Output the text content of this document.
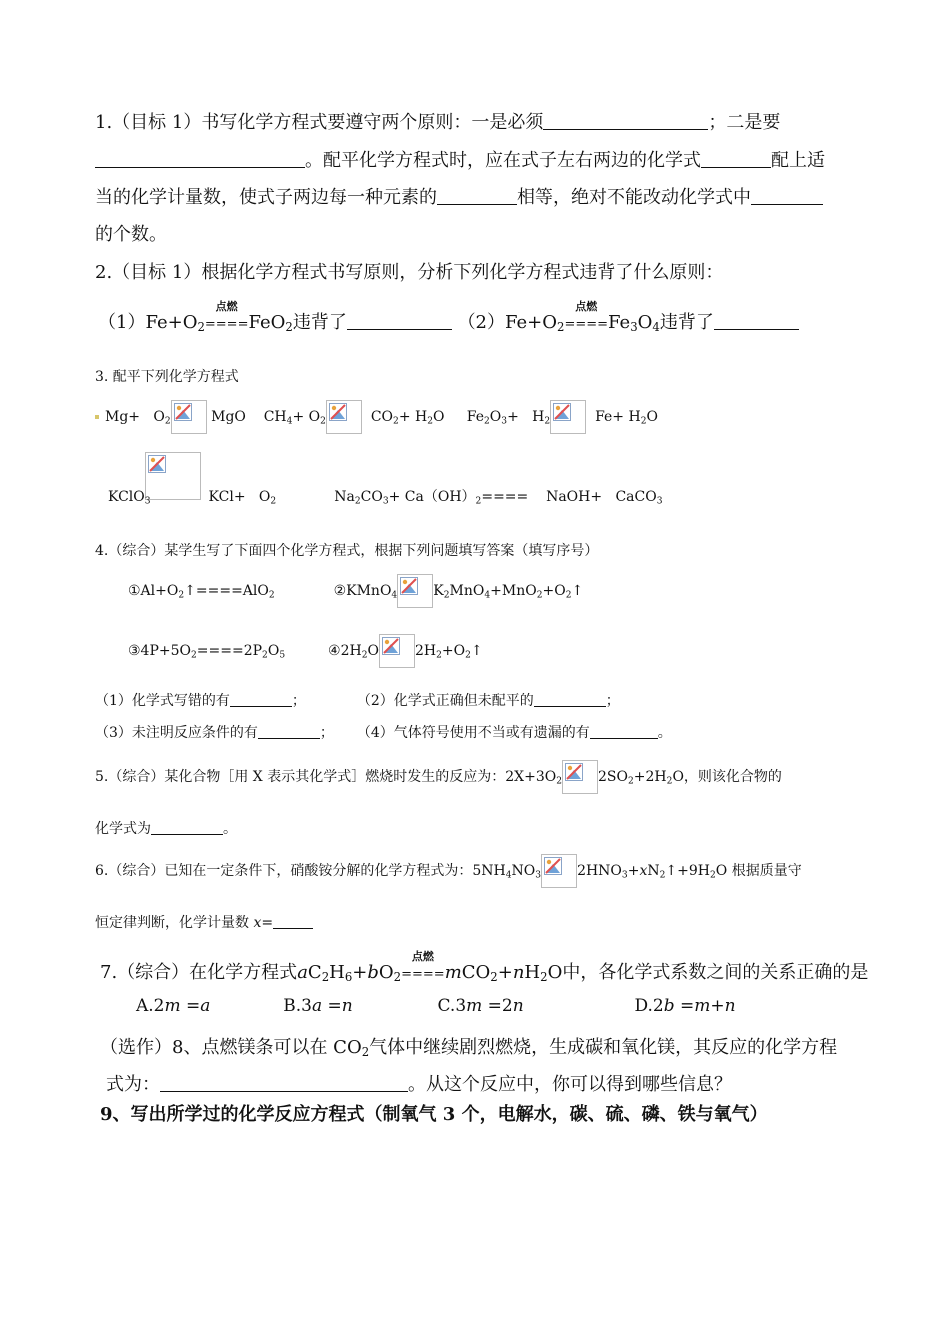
1.（目标 1）书写化学方程式要遵守两个原则：一是必须	；二是要
。配平化学方程式时，应在式子左右两边的化学式	配上适
当的化学计量数，使式子两边每一种元素的	相等，绝对不能改动化学式中
的个数。
2.（目标 1）根据化学方程式书写原则，分析下列化学方程式违背了什么原则：
$(1)Fe+O_2$
点燃
====FeO$_2$违背了	$(2)Fe+O_2$
点燃
$====Fe_3O_4$违背了
3. 配平下列化学方程式
$Mg+ O_2$	MgO $CH_4+ O_2$	$CO_2+ H_2O$ $Fe_2O_3+ H_2$	$Fe+ H_2O$
KClO$_3$	$KCl+ O_2$	$Na_2CO_3+ Ca(OH)_2====$ NaOH+ CaCO$_3$
4.（综合）某学生写了下面四个化学方程式，根据下列问题填写答案（填写序号）
$①Al+O_2↑====AlO_2$	②KMnO$_4$	$K_2MnO_4+MnO_2+O_2↑$
$③4P+5O_2====2P_2O_5$	$④2H_2O$	$2H_2+O_2↑$
（1）化学式写错的有	；	（2）化学式正确但未配平的	；
（3）未注明反应条件的有	； （4）气体符号使用不当或有遗漏的有	。
5.（综合）某化合物［用 X 表示其化学式］燃烧时发生的反应为：$2X+3O_2$	$2SO_2+2H_2O$，则该化合物的
化学式为	。
6.（综合）已知在一定条件下，硝酸铵分解的化学方程式为：$5NH_4NO_3$	$2HNO_3+xN_2↑+9H_2O$ 根据质量守
恒定律判断，化学计量数 x=
7.（综合）在化学方程式$aC_2H_6+bO_2$
点燃
$====mCO_2+nH_2O$中，各化学式系数之间的关系正确的是
A.2m =a	B.3a =n	C.3m =2n	D.2b =m+n
（选作）8、点燃镁条可以在 $CO_2$气体中继续剧烈燃烧，生成碳和氧化镁，其反应的化学方程
式为：	。从这个反应中，你可以得到哪些信息？
9、写出所学过的化学反应方程式（制氧气 3 个，电解水，碳、硫、磷、铁与氧气）
